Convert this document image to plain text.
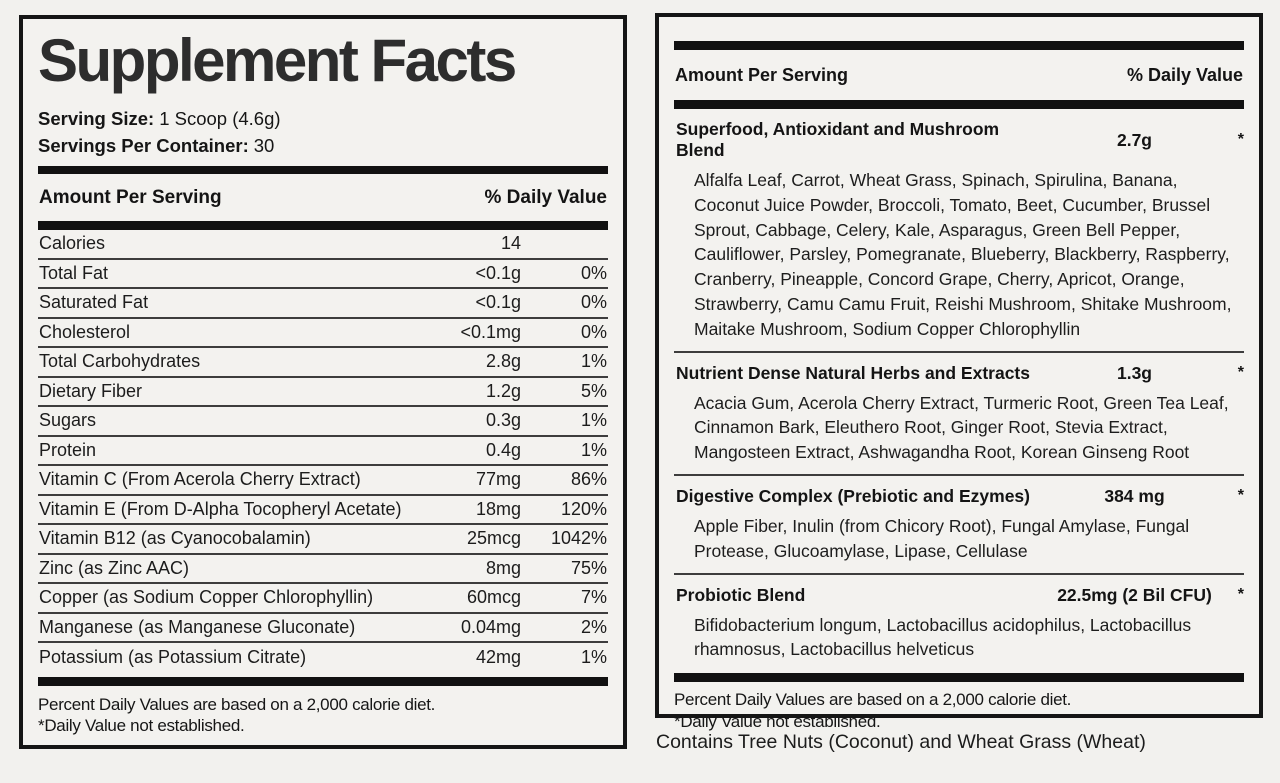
Supplement Facts
Serving Size: 1 Scoop (4.6g)
Servings Per Container: 30
Amount Per Serving	% Daily Value
Calories	14
Total Fat	<0.1g	0%
Saturated Fat	<0.1g	0%
Cholesterol	<0.1mg	0%
Total Carbohydrates	2.8g	1%
Dietary Fiber	1.2g	5%
Sugars	0.3g	1%
Protein	0.4g	1%
Vitamin C (From Acerola Cherry Extract)	77mg	86%
Vitamin E (From D-Alpha Tocopheryl Acetate)	18mg	120%
Vitamin B12 (as Cyanocobalamin)	25mcg	1042%
Zinc (as Zinc AAC)	8mg	75%
Copper (as Sodium Copper Chlorophyllin)	60mcg	7%
Manganese (as Manganese Gluconate)	0.04mg	2%
Potassium (as Potassium Citrate)	42mg	1%
Percent Daily Values are based on a 2,000 calorie diet.
*Daily Value not established.
Amount Per Serving	% Daily Value
Superfood, Antioxidant and Mushroom Blend
2.7g	*
Alfalfa Leaf, Carrot, Wheat Grass, Spinach, Spirulina, Banana, Coconut Juice Powder, Broccoli, Tomato, Beet, Cucumber, Brussel Sprout, Cabbage, Celery, Kale, Asparagus, Green Bell Pepper, Cauliflower, Parsley, Pomegranate, Blueberry, Blackberry, Raspberry, Cranberry, Pineapple, Concord Grape, Cherry, Apricot, Orange, Strawberry, Camu Camu Fruit, Reishi Mushroom, Shitake Mushroom, Maitake Mushroom, Sodium Copper Chlorophyllin
Nutrient Dense Natural Herbs and Extracts	1.3g	*
Acacia Gum, Acerola Cherry Extract, Turmeric Root, Green Tea Leaf, Cinnamon Bark, Eleuthero Root, Ginger Root, Stevia Extract, Mangosteen Extract, Ashwagandha Root, Korean Ginseng Root
Digestive Complex (Prebiotic and Ezymes)	384 mg	*
Apple Fiber, Inulin (from Chicory Root), Fungal Amylase, Fungal Protease, Glucoamylase, Lipase, Cellulase
Probiotic Blend	22.5mg (2 Bil CFU)	*
Bifidobacterium longum, Lactobacillus acidophilus, Lactobacillus rhamnosus, Lactobacillus helveticus
Percent Daily Values are based on a 2,000 calorie diet.
*Daily Value not established.
Contains Tree Nuts (Coconut) and Wheat Grass (Wheat)
